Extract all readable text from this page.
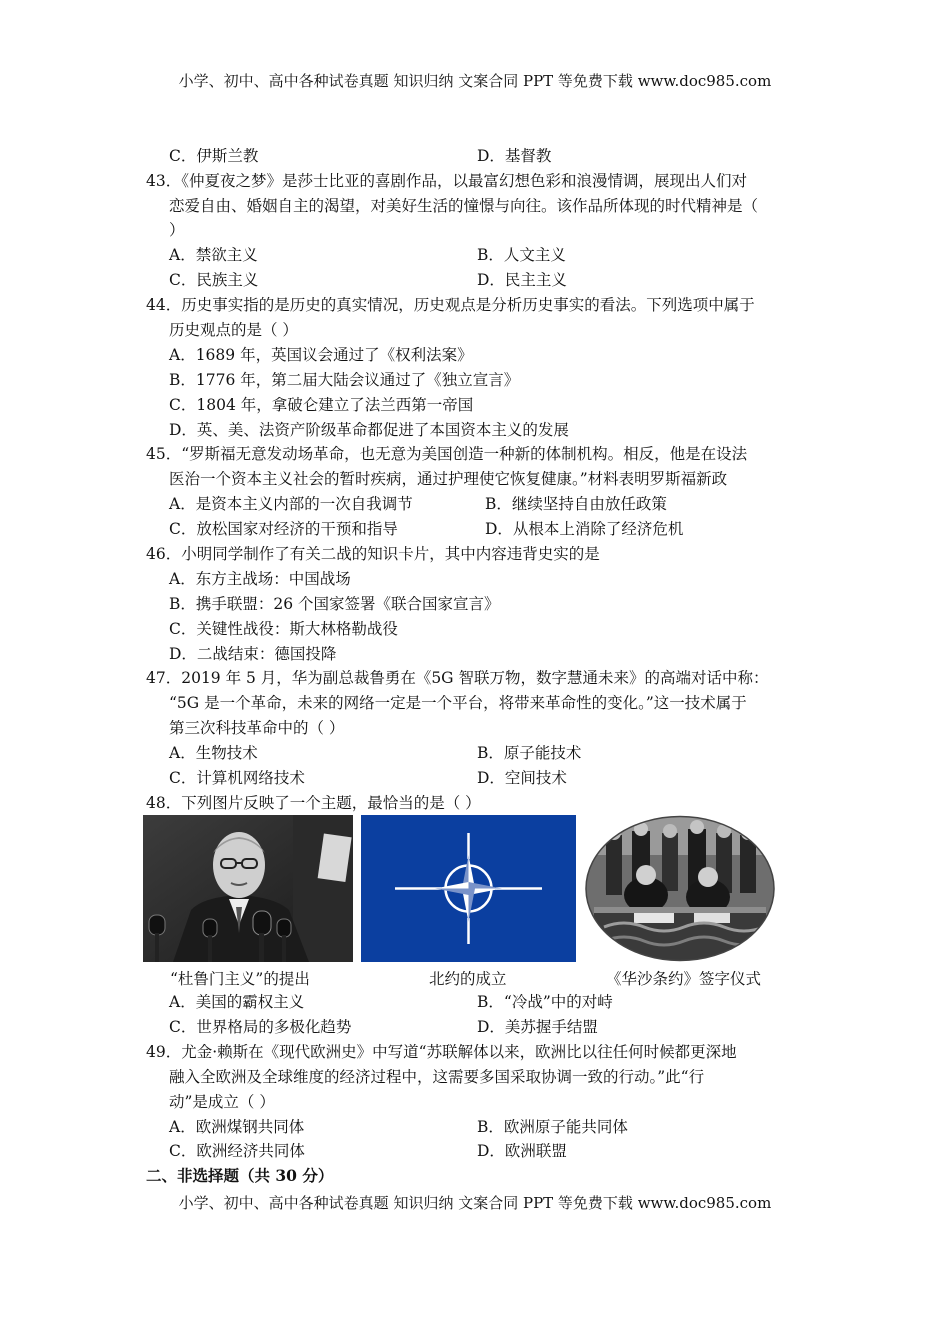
小学、初中、高中各种试卷真题 知识归纳 文案合同 PPT 等免费下载 www.doc985.com
C．伊斯兰教	D．基督教
43．《仲夏夜之梦》是莎士比亚的喜剧作品，以最富幻想色彩和浪漫情调，展现出人们对
恋爱自由、婚姻自主的渴望，对美好生活的憧憬与向往。该作品所体现的时代精神是（
）
A．禁欲主义	B．人文主义
C．民族主义	D．民主主义
44．历史事实指的是历史的真实情况，历史观点是分析历史事实的看法。下列选项中属于
历史观点的是（ ）
A．1689 年，英国议会通过了《权利法案》
B．1776 年，第二届大陆会议通过了《独立宣言》
C．1804 年，拿破仑建立了法兰西第一帝国
D．英、美、法资产阶级革命都促进了本国资本主义的发展
45．“罗斯福无意发动场革命，也无意为美国创造一种新的体制机构。相反，他是在设法
医治一个资本主义社会的暂时疾病，通过护理使它恢复健康。”材料表明罗斯福新政
A．是资本主义内部的一次自我调节	B．继续坚持自由放任政策
C．放松国家对经济的干预和指导	D．从根本上消除了经济危机
46．小明同学制作了有关二战的知识卡片，其中内容违背史实的是
A．东方主战场：中国战场
B．携手联盟：26 个国家签署《联合国家宣言》
C．关键性战役：斯大林格勒战役
D．二战结束：德国投降
47．2019 年 5 月，华为副总裁鲁勇在《5G 智联万物，数字慧通未来》的高端对话中称：
“5G 是一个革命，未来的网络一定是一个平台，将带来革命性的变化。”这一技术属于
第三次科技革命中的（ ）
A．生物技术	B．原子能技术
C．计算机网络技术	D．空间技术
48．下列图片反映了一个主题，最恰当的是（ ）
“杜鲁门主义”的提出	北约的成立	《华沙条约》签字仪式
A．美国的霸权主义	B．“冷战”中的对峙
C．世界格局的多极化趋势	D．美苏握手结盟
49．尤金·赖斯在《现代欧洲史》中写道“苏联解体以来，欧洲比以往任何时候都更深地
融入全欧洲及全球维度的经济过程中，这需要多国采取协调一致的行动。”此“行
动”是成立（ ）
A．欧洲煤钢共同体	B．欧洲原子能共同体
C．欧洲经济共同体	D．欧洲联盟
二、非选择题（共 30 分）
小学、初中、高中各种试卷真题 知识归纳 文案合同 PPT 等免费下载 www.doc985.com
